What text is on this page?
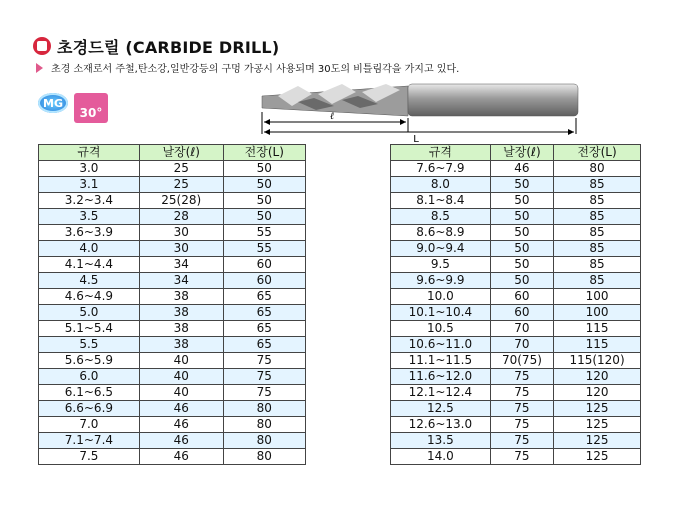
초경드릴 (CARBIDE DRILL)
초경 소재로서 주철,탄소강,일반강등의 구멍 가공시 사용되며 30도의 비틀림각을 가지고 있다.
MG
30°	ℓ
L
규격	날장(ℓ)	전장(L)
3.0	25	50
3.1	25	50
3.2~3.4	25(28)	50
3.5	28	50
3.6~3.9	30	55
4.0	30	55
4.1~4.4	34	60
4.5	34	60
4.6~4.9	38	65
5.0	38	65
5.1~5.4	38	65
5.5	38	65
5.6~5.9	40	75
6.0	40	75
6.1~6.5	40	75
6.6~6.9	46	80
7.0	46	80
7.1~7.4	46	80
7.5	46	80
규격	날장(ℓ)	전장(L)
7.6~7.9	46	80
8.0	50	85
8.1~8.4	50	85
8.5	50	85
8.6~8.9	50	85
9.0~9.4	50	85
9.5	50	85
9.6~9.9	50	85
10.0	60	100
10.1~10.4	60	100
10.5	70	115
10.6~11.0	70	115
11.1~11.5	70(75)	115(120)
11.6~12.0	75	120
12.1~12.4	75	120
12.5	75	125
12.6~13.0	75	125
13.5	75	125
14.0	75	125
